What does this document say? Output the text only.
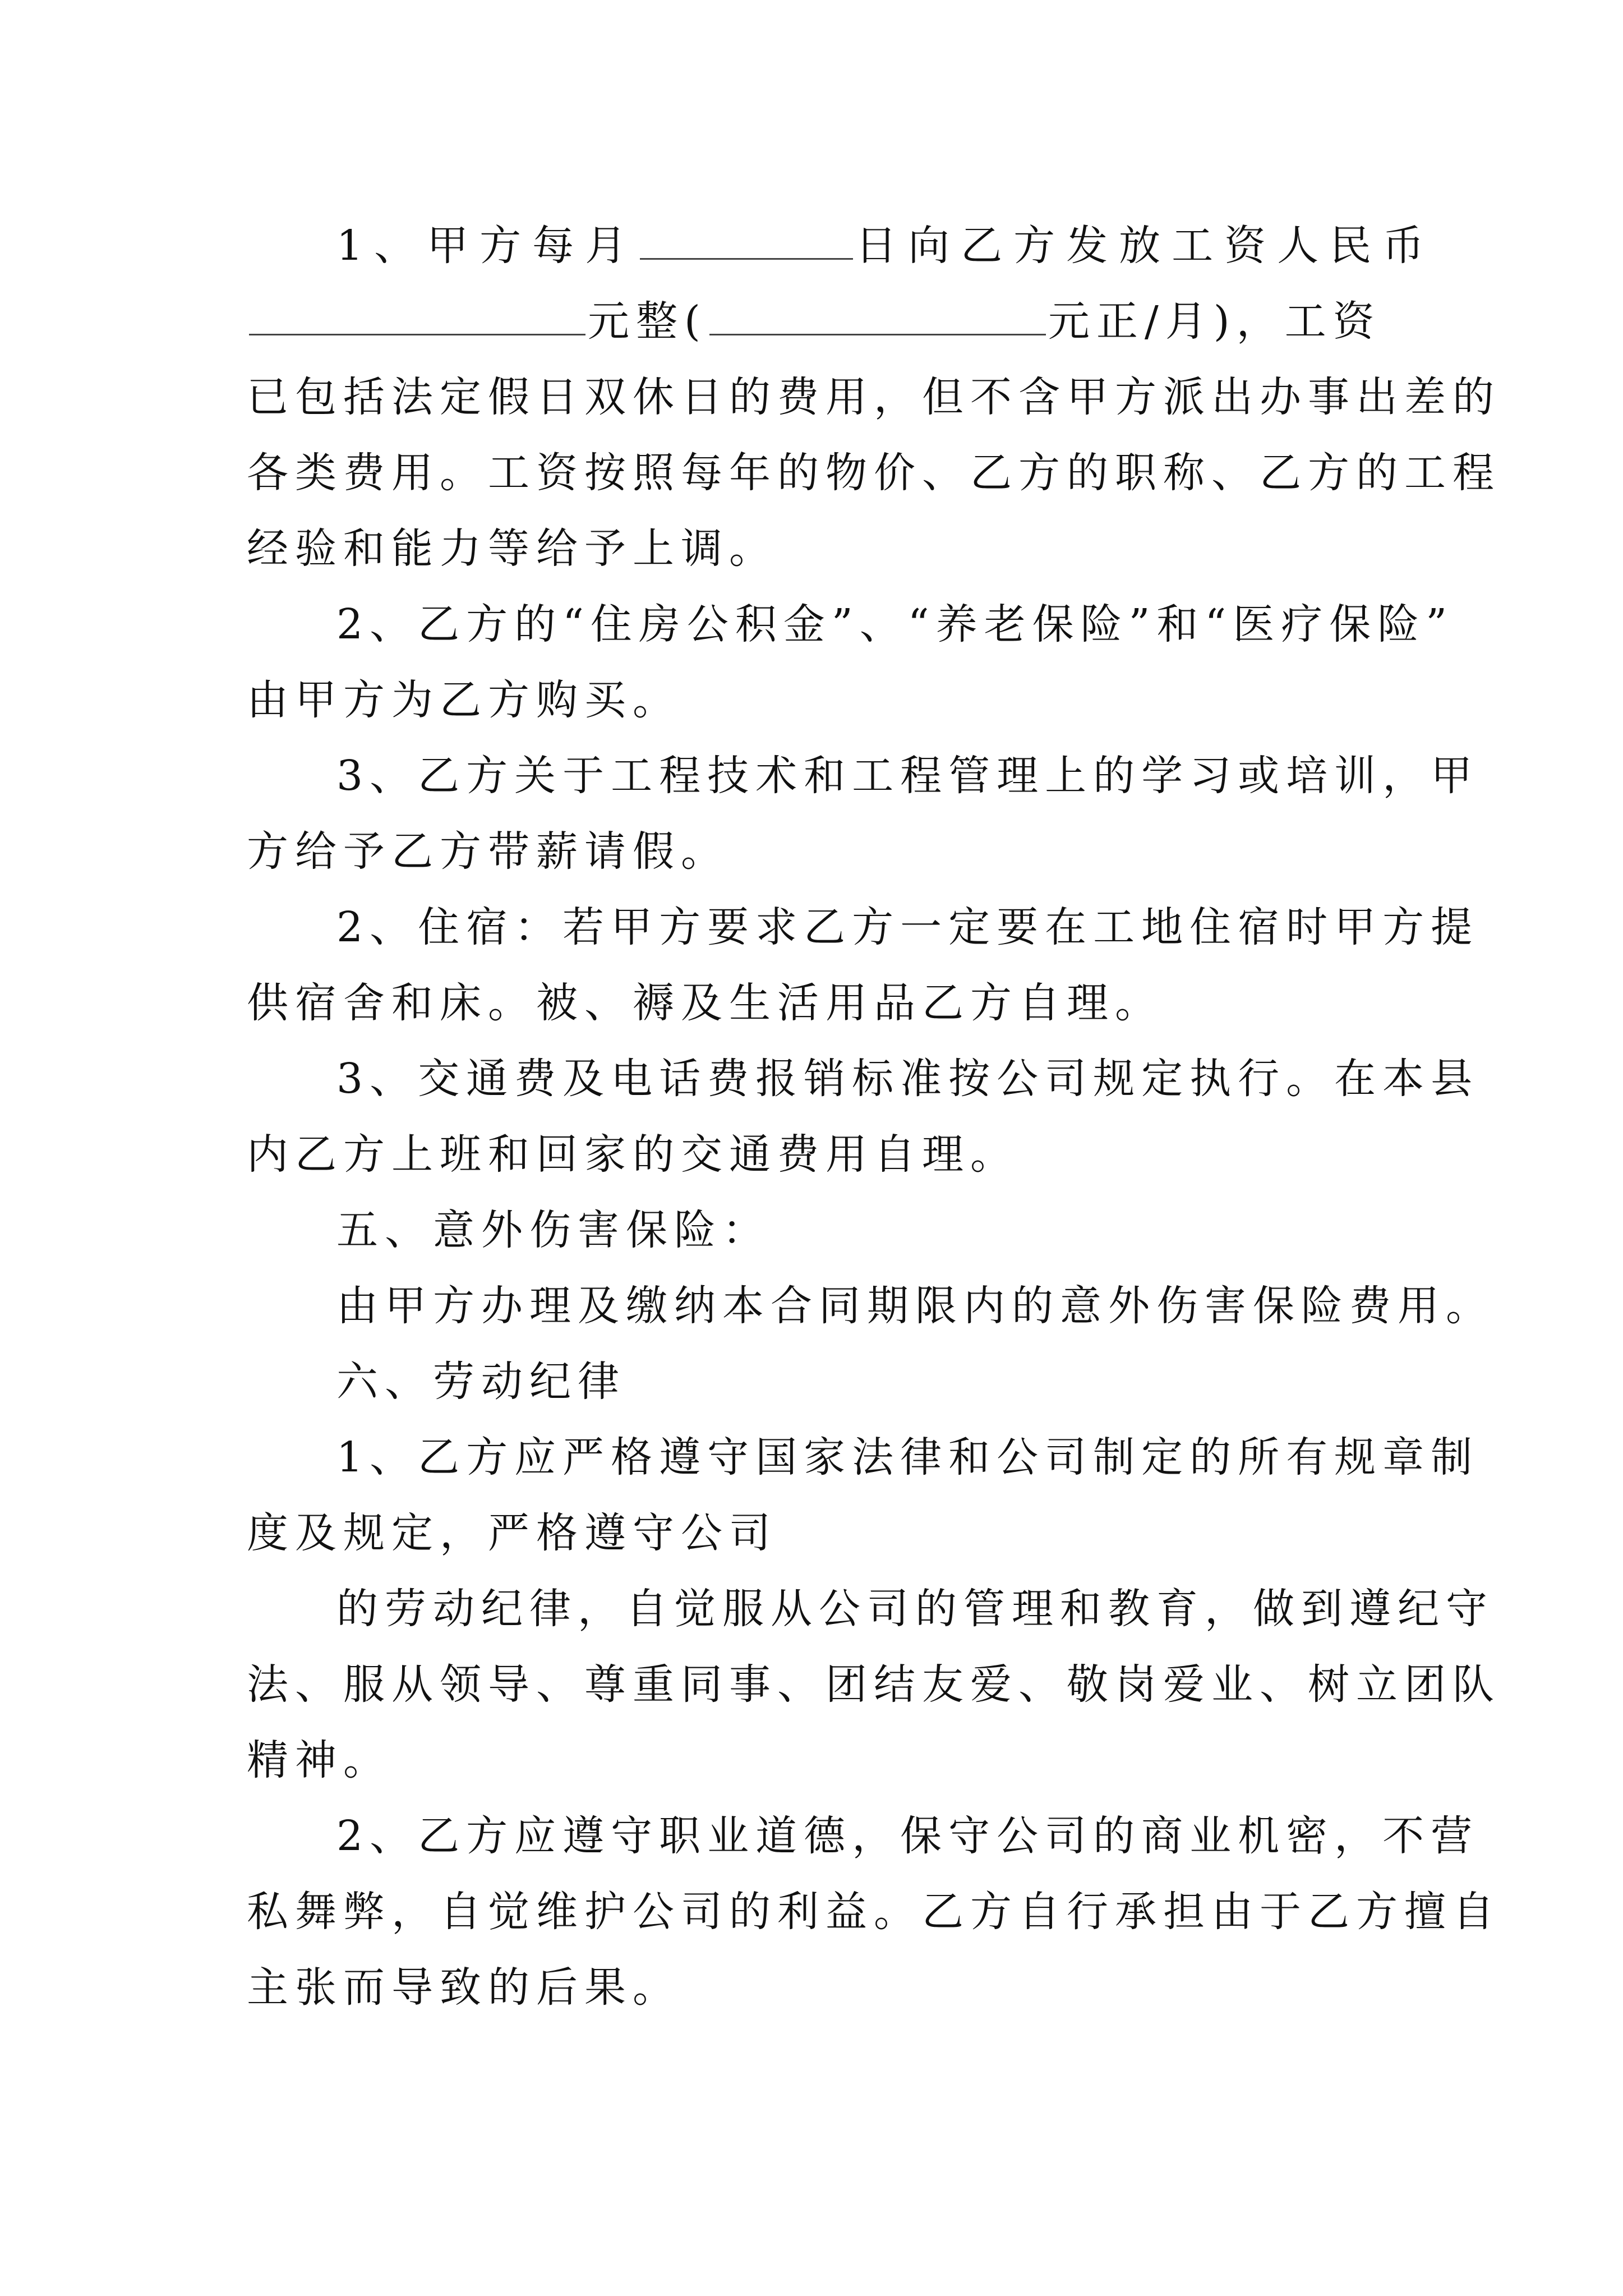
1、甲方每月	日向乙方发放工资人民币
元整(	元正/月)，工资
已包括法定假日双休日的费用，但不含甲方派出办事出差的
各类费用。工资按照每年的物价、乙方的职称、乙方的工程
经验和能力等给予上调。
2、乙方的“住房公积金”、“养老保险”和“医疗保险”
由甲方为乙方购买。
3、乙方关于工程技术和工程管理上的学习或培训，甲
方给予乙方带薪请假。
2、住宿：若甲方要求乙方一定要在工地住宿时甲方提
供宿舍和床。被、褥及生活用品乙方自理。
3、交通费及电话费报销标准按公司规定执行。在本县
内乙方上班和回家的交通费用自理。
五、意外伤害保险：
由甲方办理及缴纳本合同期限内的意外伤害保险费用。
六、劳动纪律
1、乙方应严格遵守国家法律和公司制定的所有规章制
度及规定，严格遵守公司
的劳动纪律，自觉服从公司的管理和教育，做到遵纪守
法、服从领导、尊重同事、团结友爱、敬岗爱业、树立团队
精神。
2、乙方应遵守职业道德，保守公司的商业机密，不营
私舞弊，自觉维护公司的利益。乙方自行承担由于乙方擅自
主张而导致的后果。
